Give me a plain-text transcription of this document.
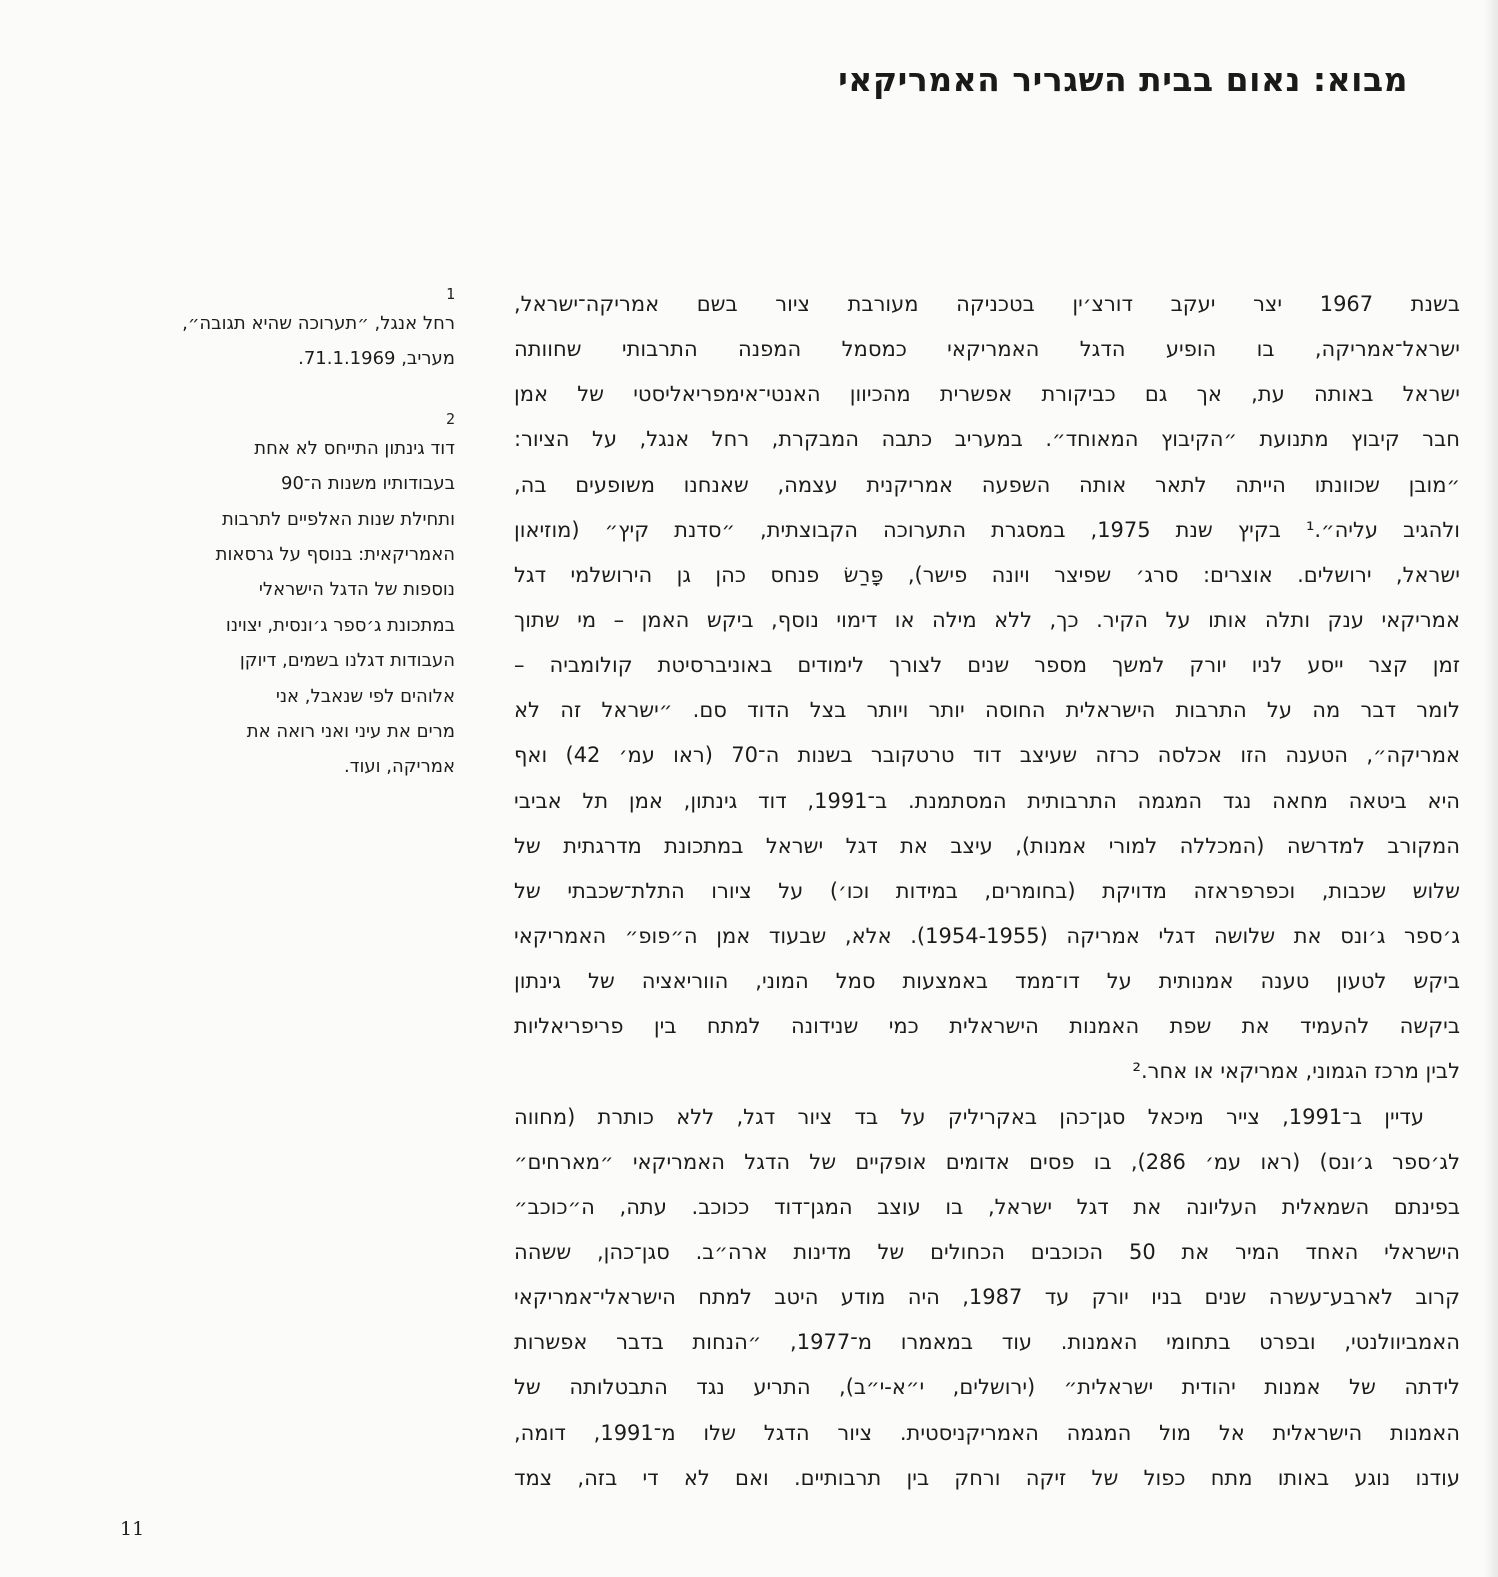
מבוא: נאום בבית השגריר האמריקאי
בשנת 1967 יצר יעקב דורצ׳ין בטכניקה מעורבת ציור בשם אמריקה־ישראל,
ישראל־אמריקה, בו הופיע הדגל האמריקאי כמסמל המפנה התרבותי שחוותה
ישראל באותה עת, אך גם כביקורת אפשרית מהכיוון האנטי־אימפריאליסטי של אמן
חבר קיבוץ מתנועת ״הקיבוץ המאוחד״. במעריב כתבה המבקרת, רחל אנגל, על הציור:
״מובן שכוונתו הייתה לתאר אותה השפעה אמריקנית עצמה, שאנחנו משופעים בה,
ולהגיב עליה״.¹ בקיץ שנת 1975, במסגרת התערוכה הקבוצתית, ״סדנת קיץ״ (מוזיאון
ישראל, ירושלים. אוצרים: סרג׳ שפיצר ויונה פישר), פָּרַשׂ פנחס כהן גן הירושלמי דגל
אמריקאי ענק ותלה אותו על הקיר. כך, ללא מילה או דימוי נוסף, ביקש האמן – מי שתוך
זמן קצר ייסע לניו יורק למשך מספר שנים לצורך לימודים באוניברסיטת קולומביה –
לומר דבר מה על התרבות הישראלית החוסה יותר ויותר בצל הדוד סם. ״ישראל זה לא
אמריקה״, הטענה הזו אכלסה כרזה שעיצב דוד טרטקובר בשנות ה־70 (ראו עמ׳ 42) ואף
היא ביטאה מחאה נגד המגמה התרבותית המסתמנת. ב־1991, דוד גינתון, אמן תל אביבי
המקורב למדרשה (המכללה למורי אמנות), עיצב את דגל ישראל במתכונת מדרגתית של
שלוש שכבות, וכפרפראזה מדויקת (בחומרים, במידות וכו׳) על ציורו התלת־שכבתי של
ג׳ספר ג׳ונס את שלושה דגלי אמריקה (1954-1955). אלא, שבעוד אמן ה״פופ״ האמריקאי
ביקש לטעון טענה אמנותית על דו־ממד באמצעות סמל המוני, הווריאציה של גינתון
ביקשה להעמיד את שפת האמנות הישראלית כמי שנידונה למתח בין פריפריאליות
לבין מרכז הגמוני, אמריקאי או אחר.²
עדיין ב־1991, צייר מיכאל סגן־כהן באקריליק על בד ציור דגל, ללא כותרת (מחווה
לג׳ספר ג׳ונס) (ראו עמ׳ 286), בו פסים אדומים אופקיים של הדגל האמריקאי ״מארחים״
בפינתם השמאלית העליונה את דגל ישראל, בו עוצב המגן־דוד ככוכב. עתה, ה״כוכב״
הישראלי האחד המיר את 50 הכוכבים הכחולים של מדינות ארה״ב. סגן־כהן, ששהה
קרוב לארבע־עשרה שנים בניו יורק עד 1987, היה מודע היטב למתח הישראלי־אמריקאי
האמביוולנטי, ובפרט בתחומי האמנות. עוד במאמרו מ־1977, ״הנחות בדבר אפשרות
לידתה של אמנות יהודית ישראלית״ (ירושלים, י״א-י״ב), התריע נגד התבטלותה של
האמנות הישראלית אל מול המגמה האמריקניסטית. ציור הדגל שלו מ־1991, דומה,
עודנו נוגע באותו מתח כפול של זיקה ורחק בין תרבותיים. ואם לא די בזה, צמד
1
רחל אנגל, ״תערוכה שהיא תגובה״,
מעריב, 71.1.1969.
2
דוד גינתון התייחס לא אחת
בעבודותיו משנות ה־90
ותחילת שנות האלפיים לתרבות
האמריקאית: בנוסף על גרסאות
נוספות של הדגל הישראלי
במתכונת ג׳ספר ג׳ונסית, יצוינו
העבודות דגלנו בשמים, דיוקן
אלוהים לפי שנאבל, אני
מרים את עיני ואני רואה את
אמריקה, ועוד.
11
